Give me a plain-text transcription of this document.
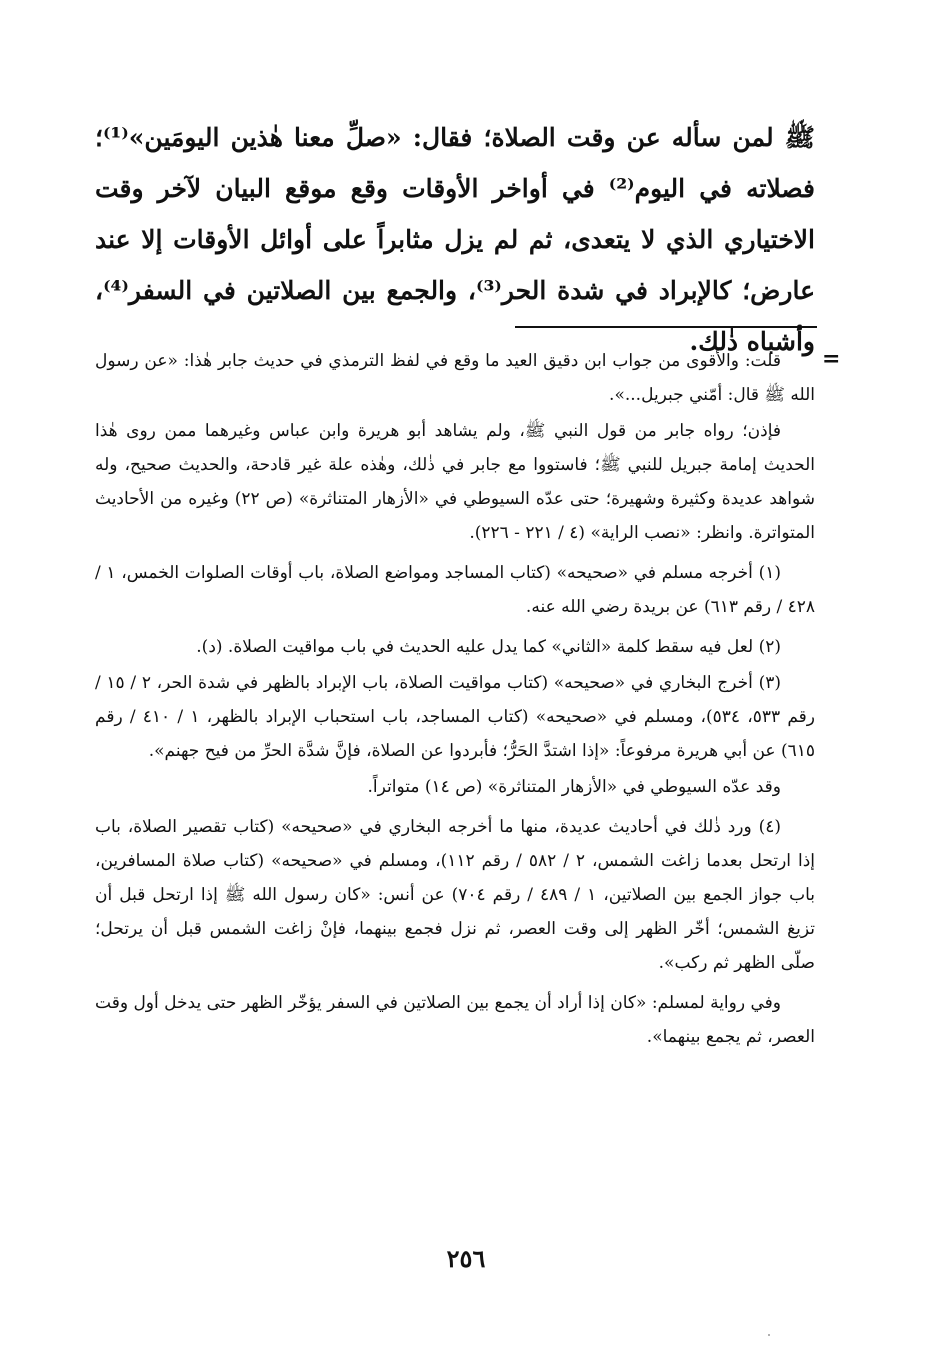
ﷺ لمن سأله عن وقت الصلاة؛ فقال: «صلِّ معنا هٰذين اليومَين»⁽¹⁾؛ فصلاته في اليوم⁽²⁾ في أواخر الأوقات وقع موقع البيان لآخر وقت الاختياري الذي لا يتعدى، ثم لم يزل مثابراً على أوائل الأوقات إلا عند عارض؛ كالإبراد في شدة الحر⁽³⁾، والجمع بين الصلاتين في السفر⁽⁴⁾، وأشباه ذٰلك.

=

قلت: والأقوى من جواب ابن دقيق العيد ما وقع في لفظ الترمذي في حديث جابر هٰذا: «عن رسول الله ﷺ قال: أمّني جبريل...».

فإذن؛ رواه جابر من قول النبي ﷺ، ولم يشاهد أبو هريرة وابن عباس وغيرهما ممن روى هٰذا الحديث إمامة جبريل للنبي ﷺ؛ فاستووا مع جابر في ذٰلك، وهٰذه علة غير قادحة، والحديث صحيح، وله شواهد عديدة وكثيرة وشهيرة؛ حتى عدّه السيوطي في «الأزهار المتناثرة» (ص ٢٢) وغيره من الأحاديث المتواترة. وانظر: «نصب الراية» (٤ / ٢٢١ - ٢٢٦).

(١) أخرجه مسلم في «صحيحه» (كتاب المساجد ومواضع الصلاة، باب أوقات الصلوات الخمس، ١ / ٤٢٨ / رقم ٦١٣) عن بريدة رضي الله عنه.

(٢) لعل فيه سقط كلمة «الثاني» كما يدل عليه الحديث في باب مواقيت الصلاة. (د).

(٣) أخرج البخاري في «صحيحه» (كتاب مواقيت الصلاة، باب الإبراد بالظهر في شدة الحر، ٢ / ١٥ / رقم ٥٣٣، ٥٣٤)، ومسلم في «صحيحه» (كتاب المساجد، باب استحباب الإبراد بالظهر، ١ / ٤١٠ / رقم ٦١٥) عن أبي هريرة مرفوعاً: «إذا اشتدَّ الحَرُّ؛ فأبردوا عن الصلاة، فإنَّ شدَّة الحرِّ من فيح جهنم».

وقد عدّه السيوطي في «الأزهار المتناثرة» (ص ١٤) متواتراً.

(٤) ورد ذٰلك في أحاديث عديدة، منها ما أخرجه البخاري في «صحيحه» (كتاب تقصير الصلاة، باب إذا ارتحل بعدما زاغت الشمس، ٢ / ٥٨٢ / رقم ١١٢)، ومسلم في «صحيحه» (كتاب صلاة المسافرين، باب جواز الجمع بين الصلاتين، ١ / ٤٨٩ / رقم ٧٠٤) عن أنس: «كان رسول الله ﷺ إذا ارتحل قبل أن تزيغ الشمس؛ أخّر الظهر إلى وقت العصر، ثم نزل فجمع بينهما، فإنْ زاغت الشمس قبل أن يرتحل؛ صلّى الظهر ثم ركب».

وفي رواية لمسلم: «كان إذا أراد أن يجمع بين الصلاتين في السفر يؤخّر الظهر حتى يدخل أول وقت العصر، ثم يجمع بينهما».

٢٥٦
